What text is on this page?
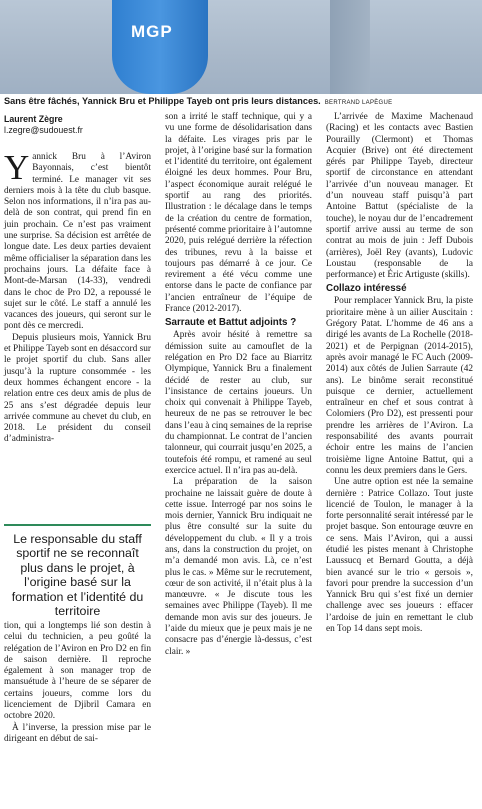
MGP
Sans être fâchés, Yannick Bru et Philippe Tayeb ont pris leurs distances. BERTRAND LAPÈGUE
Laurent Zègre
l.zegre@sudouest.fr

Yannick Bru à l’Aviron Bayonnais, c’est bientôt terminé. Le manager vit ses derniers mois à la tête du club basque. Selon nos informations, il n’ira pas au-delà de son contrat, qui prend fin en juin prochain. Ce n’est pas vraiment une surprise. Sa décision est arrêtée de longue date. Les deux parties devaient même officialiser la séparation dans les prochains jours. La défaite face à Mont-de-Marsan (14-33), vendredi dans le choc de Pro D2, a repoussé le sujet sur le côté. Le staff a annulé les vacances des joueurs, qui seront sur le pont dès ce mercredi.

Depuis plusieurs mois, Yannick Bru et Philippe Tayeb sont en désaccord sur le projet sportif du club. Sans aller jusqu’à la rupture consommée - les deux hommes échangent encore - la relation entre ces deux amis de plus de 25 ans s’est dégradée depuis leur arrivée commune au chevet du club, en 2018. Le président du conseil d’administra-

Le responsable du staff sportif ne se reconnaît plus dans le projet, à l’origine basé sur la formation et l’identité du territoire

tion, qui a longtemps lié son destin à celui du technicien, a peu goûté la relégation de l’Aviron en Pro D2 en fin de saison dernière. Il reproche également à son manager trop de mansuétude à l’heure de se séparer de certains joueurs, comme lors du licenciement de Djibril Camara en octobre 2020.

À l’inverse, la pression mise par le dirigeant en début de sai-

son a irrité le staff technique, qui y a vu une forme de désolidarisation dans la défaite. Les virages pris par le projet, à l’origine basé sur la formation et l’identité du territoire, ont également éloigné les deux hommes. Pour Bru, l’aspect économique aurait relégué le sportif au rang des priorités. Illustration : le décalage dans le temps de la création du centre de formation, présenté comme prioritaire à l’automne 2020, puis relégué derrière la réfection des tribunes, revu à la baisse et toujours pas démarré à ce jour. Ce revirement a été vécu comme une entorse dans le pacte de confiance par l’ancien entraîneur de l’équipe de France (2012-2017).

Sarraute et Battut adjoints ?

Après avoir hésité à remettre sa démission suite au camouflet de la relégation en Pro D2 face au Biarritz Olympique, Yannick Bru a finalement décidé de rester au club, sur l’insistance de certains joueurs. Un choix qui convenait à Philippe Tayeb, heureux de ne pas se retrouver le bec dans l’eau à cinq semaines de la reprise du championnat. Le contrat de l’ancien talonneur, qui courrait jusqu’en 2025, a toutefois été rompu, et ramené au seul exercice actuel. Il n’ira pas au-delà.

La préparation de la saison prochaine ne laissait guère de doute à cette issue. Interrogé par nos soins le mois dernier, Yannick Bru indiquait ne plus être consulté sur la suite du développement du club. « Il y a trois ans, dans la construction du projet, on m’a demandé mon avis. Là, ce n’est plus le cas. » Même sur le recrutement, cœur de son activité, il n’était plus à la manœuvre. « Je discute tous les semaines avec Philippe (Tayeb). Il me demande mon avis sur des joueurs. Je l’aide du mieux que je peux mais je ne consacre pas d’énergie là-dessus, c’est clair. »

L’arrivée de Maxime Machenaud (Racing) et les contacts avec Bastien Pourailly (Clermont) et Thomas Acquier (Brive) ont été directement gérés par Philippe Tayeb, directeur sportif de circonstance en attendant l’arrivée d’un nouveau manager. Et d’un nouveau staff puisqu’à part Antoine Battut (spécialiste de la touche), le noyau dur de l’encadrement sportif arrive aussi au terme de son contrat au mois de juin : Jeff Dubois (arrières), Joël Rey (avants), Ludovic Loustau (responsable de la performance) et Éric Artiguste (skills).

Collazo intéressé

Pour remplacer Yannick Bru, la piste prioritaire mène à un ailier Auscitain : Grégory Patat. L’homme de 46 ans a dirigé les avants de La Rochelle (2018-2021) et de Perpignan (2014-2015), après avoir managé le FC Auch (2009-2014) aux côtés de Julien Sarraute (42 ans). Le binôme serait reconstitué puisque ce dernier, actuellement entraîneur en chef et sous contrat à Colomiers (Pro D2), est pressenti pour prendre les arrières de l’Aviron. La responsabilité des avants pourrait échoir entre les mains de l’ancien troisième ligne Antoine Battut, qui a connu les deux premiers dans le Gers.

Une autre option est née la semaine dernière : Patrice Collazo. Tout juste licencié de Toulon, le manager à la forte personnalité serait intéressé par le projet basque. Son entourage œuvre en ce sens. Mais l’Aviron, qui a aussi étudié les pistes menant à Christophe Laussucq et Bernard Goutta, a déjà bien avancé sur le trio « gersois », favori pour prendre la succession d’un Yannick Bru qui s’est fixé un dernier challenge avec ses joueurs : effacer l’ardoise de juin en remettant le club en Top 14 dans sept mois.
